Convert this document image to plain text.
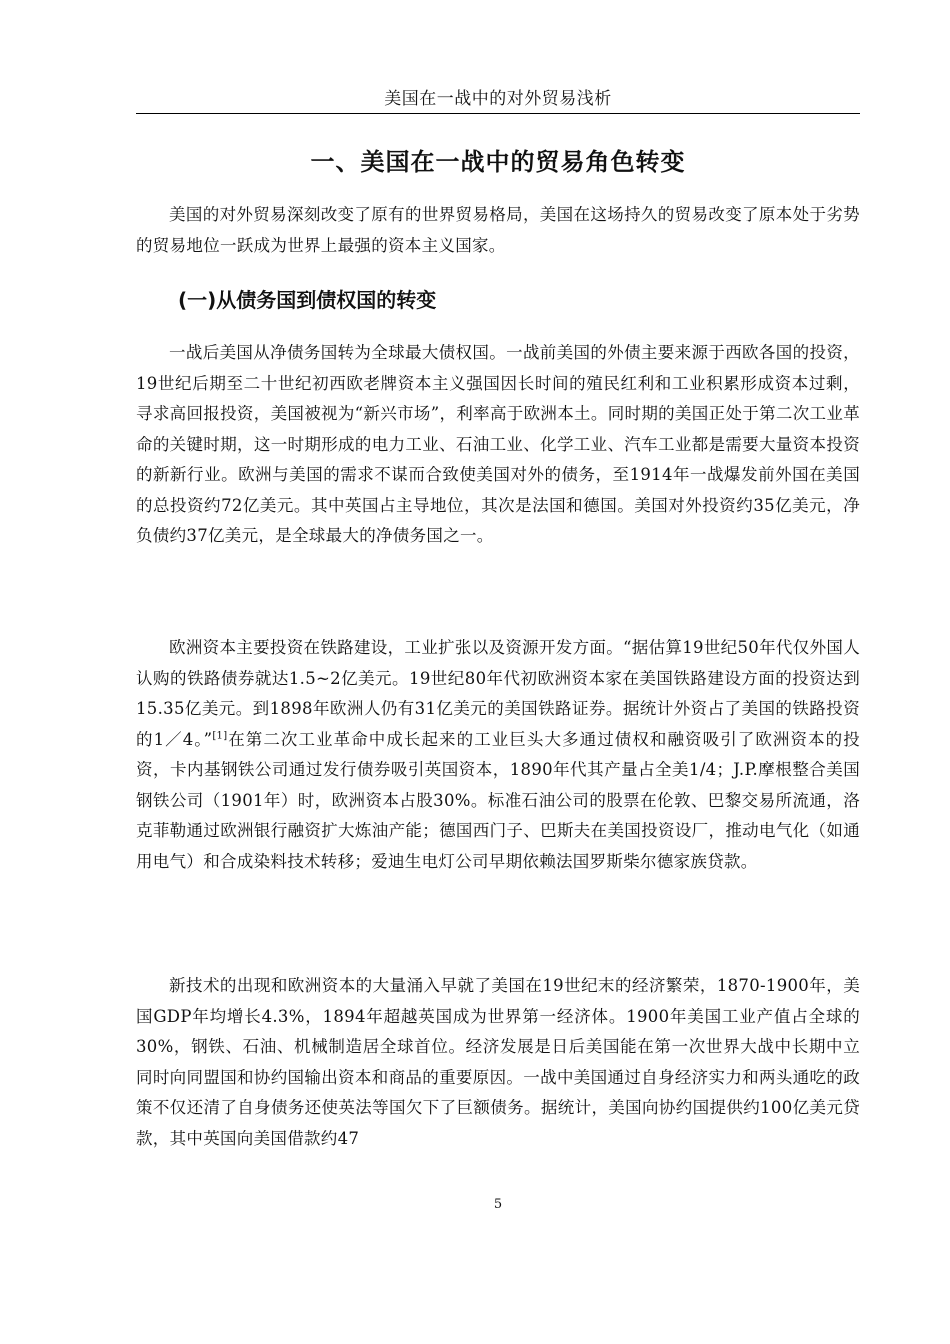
美国在一战中的对外贸易浅析
一、美国在一战中的贸易角色转变

美国的对外贸易深刻改变了原有的世界贸易格局，美国在这场持久的贸易改变了原本处于劣势的贸易地位一跃成为世界上最强的资本主义国家。

(一)从债务国到债权国的转变

一战后美国从净债务国转为全球最大债权国。一战前美国的外债主要来源于西欧各国的投资，19世纪后期至二十世纪初西欧老牌资本主义强国因长时间的殖民红利和工业积累形成资本过剩，寻求高回报投资，美国被视为“新兴市场”，利率高于欧洲本土。同时期的美国正处于第二次工业革命的关键时期，这一时期形成的电力工业、石油工业、化学工业、汽车工业都是需要大量资本投资的新新行业。欧洲与美国的需求不谋而合致使美国对外的债务，至1914年一战爆发前外国在美国的总投资约72亿美元。其中英国占主导地位，其次是法国和德国。美国对外投资约35亿美元，净负债约37亿美元，是全球最大的净债务国之一。

欧洲资本主要投资在铁路建设，工业扩张以及资源开发方面。“据估算19世纪50年代仅外国人认购的铁路债券就达1.5~2亿美元。19世纪80年代初欧洲资本家在美国铁路建设方面的投资达到15.35亿美元。到1898年欧洲人仍有31亿美元的美国铁路证券。据统计外资占了美国的铁路投资的1／4。”[1]在第二次工业革命中成长起来的工业巨头大多通过债权和融资吸引了欧洲资本的投资，卡内基钢铁公司通过发行债券吸引英国资本，1890年代其产量占全美1/4；J.P.摩根整合美国钢铁公司（1901年）时，欧洲资本占股30%。标准石油公司的股票在伦敦、巴黎交易所流通，洛克菲勒通过欧洲银行融资扩大炼油产能；德国西门子、巴斯夫在美国投资设厂，推动电气化（如通用电气）和合成染料技术转移；爱迪生电灯公司早期依赖法国罗斯柴尔德家族贷款。

新技术的出现和欧洲资本的大量涌入早就了美国在19世纪末的经济繁荣，1870-1900年，美国GDP年均增长4.3%，1894年超越英国成为世界第一经济体。1900年美国工业产值占全球的30%，钢铁、石油、机械制造居全球首位。经济发展是日后美国能在第一次世界大战中长期中立同时向同盟国和协约国输出资本和商品的重要原因。一战中美国通过自身经济实力和两头通吃的政策不仅还清了自身债务还使英法等国欠下了巨额债务。据统计，美国向协约国提供约100亿美元贷款，其中英国向美国借款约47

5
